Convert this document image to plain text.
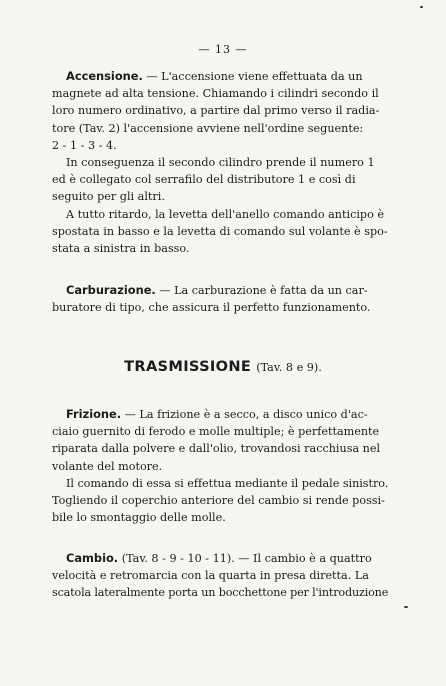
— 13 —
Accensione. — L'accensione viene effettuata da un
magnete ad alta tensione. Chiamando i cilindri secondo il
loro numero ordinativo, a partire dal primo verso il radia-
tore (Tav. 2) l'accensione avviene nell'ordine seguente:
2 - 1 - 3 - 4.
In conseguenza il secondo cilindro prende il numero 1
ed è collegato col serrafilo del distributore 1 e così di
seguito per gli altri.
A tutto ritardo, la levetta dell'anello comando anticipo è
spostata in basso e la levetta di comando sul volante è spo-
stata a sinistra in basso.
Carburazione. — La carburazione è fatta da un car-
buratore di tipo, che assicura il perfetto funzionamento.
TRASMISSIONE (Tav. 8 e 9).
Frizione. — La frizione è a secco, a disco unico d'ac-
ciaio guernito di ferodo e molle multiple; è perfettamente
riparata dalla polvere e dall'olio, trovandosi racchiusa nel
volante del motore.
Il comando di essa si effettua mediante il pedale sinistro.
Togliendo il coperchio anteriore del cambio si rende possi-
bile lo smontaggio delle molle.
Cambio. (Tav. 8 - 9 - 10 - 11). — Il cambio è a quattro
velocità e retromarcia con la quarta in presa diretta. La
scatola lateralmente porta un bocchettone per l'introduzione
